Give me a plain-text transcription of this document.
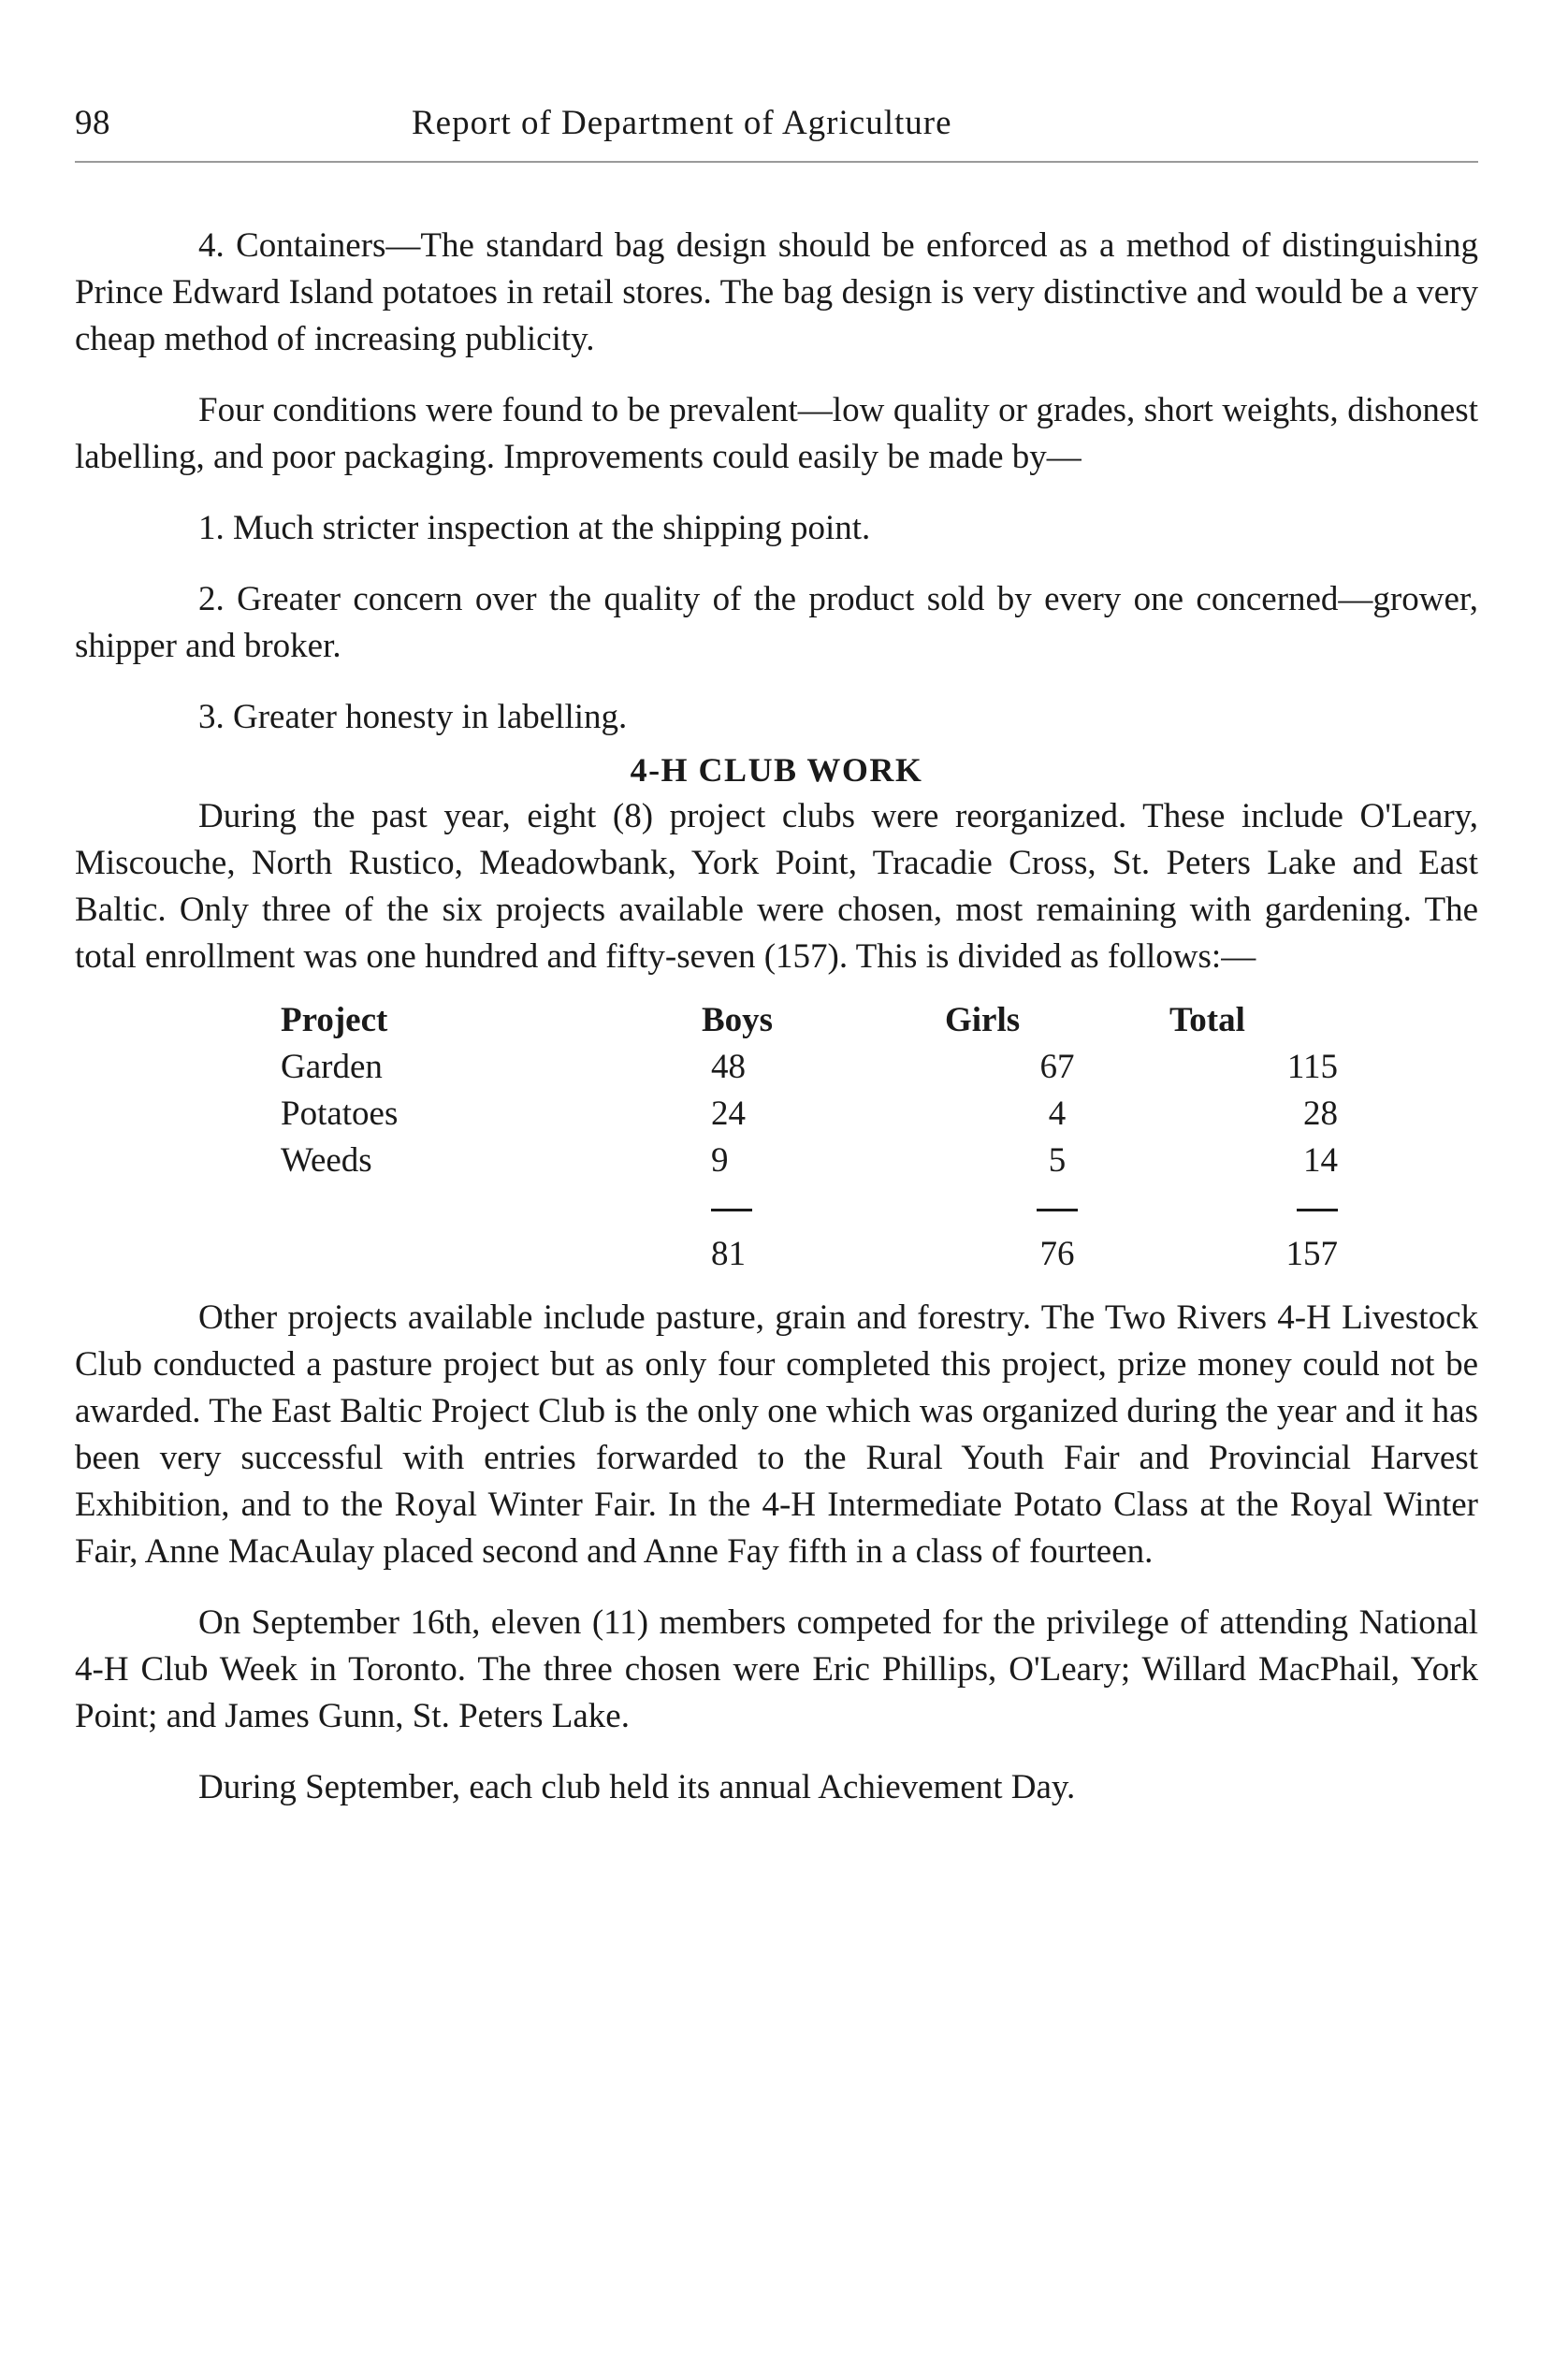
98	Report of Department of Agriculture

4. Containers—The standard bag design should be enforced as a method of distinguishing Prince Edward Island potatoes in retail stores. The bag design is very distinctive and would be a very cheap method of increasing publicity.

Four conditions were found to be prevalent—low quality or grades, short weights, dishonest labelling, and poor packaging. Improvements could easily be made by—

1. Much stricter inspection at the shipping point.
2. Greater concern over the quality of the product sold by every one concerned—grower, shipper and broker.
3. Greater honesty in labelling.
4-H CLUB WORK

During the past year, eight (8) project clubs were reorganized. These include O'Leary, Miscouche, North Rustico, Meadowbank, York Point, Tracadie Cross, St. Peters Lake and East Baltic. Only three of the six projects available were chosen, most remaining with gardening. The total enrollment was one hundred and fifty-seven (157). This is divided as follows:—

Project	Boys	Girls	Total
Garden	48	67	115
Potatoes	24	4	28
Weeds	9	5	14

	81	76	157

Other projects available include pasture, grain and forestry. The Two Rivers 4-H Livestock Club conducted a pasture project but as only four completed this project, prize money could not be awarded. The East Baltic Project Club is the only one which was organized during the year and it has been very successful with entries forwarded to the Rural Youth Fair and Provincial Harvest Exhibition, and to the Royal Winter Fair. In the 4-H Intermediate Potato Class at the Royal Winter Fair, Anne MacAulay placed second and Anne Fay fifth in a class of fourteen.

On September 16th, eleven (11) members competed for the privilege of attending National 4-H Club Week in Toronto. The three chosen were Eric Phillips, O'Leary; Willard MacPhail, York Point; and James Gunn, St. Peters Lake.

During September, each club held its annual Achievement Day.
